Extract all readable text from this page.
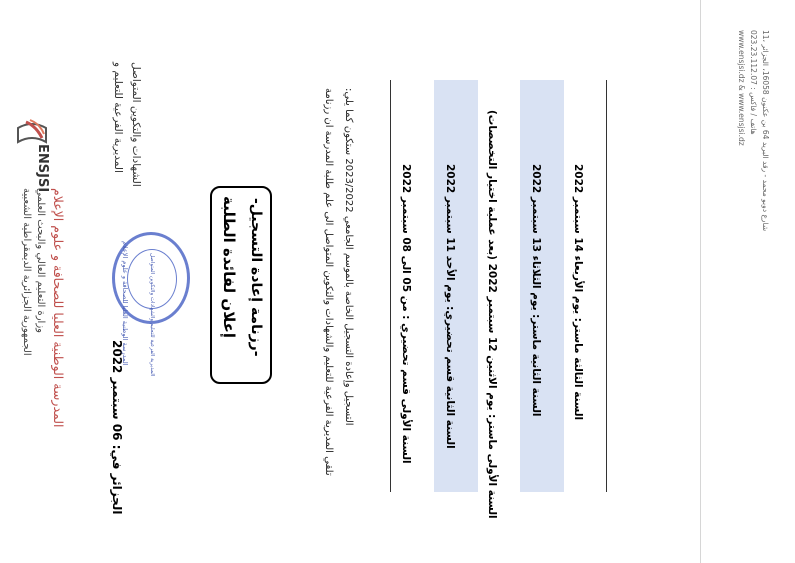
ENSJSI
الجمهورية الجزائرية الديمقراطية الشعبية وزارة التعليم العالي والبحث العلمي المدرسة الوطنية العليا للصحافة و علوم الإعلام
المديرية الفرعية للتعليم و الشهادات والتكوين المتواصل
الجزائر في: 06 سبتمبر 2022
المدرسة الوطنية العليا للصحافة و علوم الإعلام	المديرية الفرعية للتعليم والشهادات والتكوين المتواصل	إعلان لفائدة الطلبة -رزنامة إعادة التسجيل-	تلقي المديرية الفرعية للتعليم والشهادات والتكوين المتواصل الى علم طلبة المدرسة ان رزنامة التسجيل وإعادة التسجيل الخاصة بالموسم الجامعي 2023/2022 ستكون كما يلي:
السنة الأولى قسم تحضيري : من 05 الى 08 سبتمبر 2022
السنة الثانية قسم تحضيري: يوم الأحد 11 سبتمبر 2022
السنة الأولى ماستر: يوم الاثنين 12 سبتمبر 2022 (بعد عملية اختيار التخصصات)
السنة الثانية ماستر: يوم الثلاثاء 13 سبتمبر 2022
السنة الثالثة ماستر: يوم الأربعاء 14 سبتمبر 2022
11، شارع دوبو محمد - رقد البريد 64 بن عكنون 16058، الجزائر
هاتف / فاكس : 023.23.112.07
www.ensjsi.dz & www.ensjsi.dz
